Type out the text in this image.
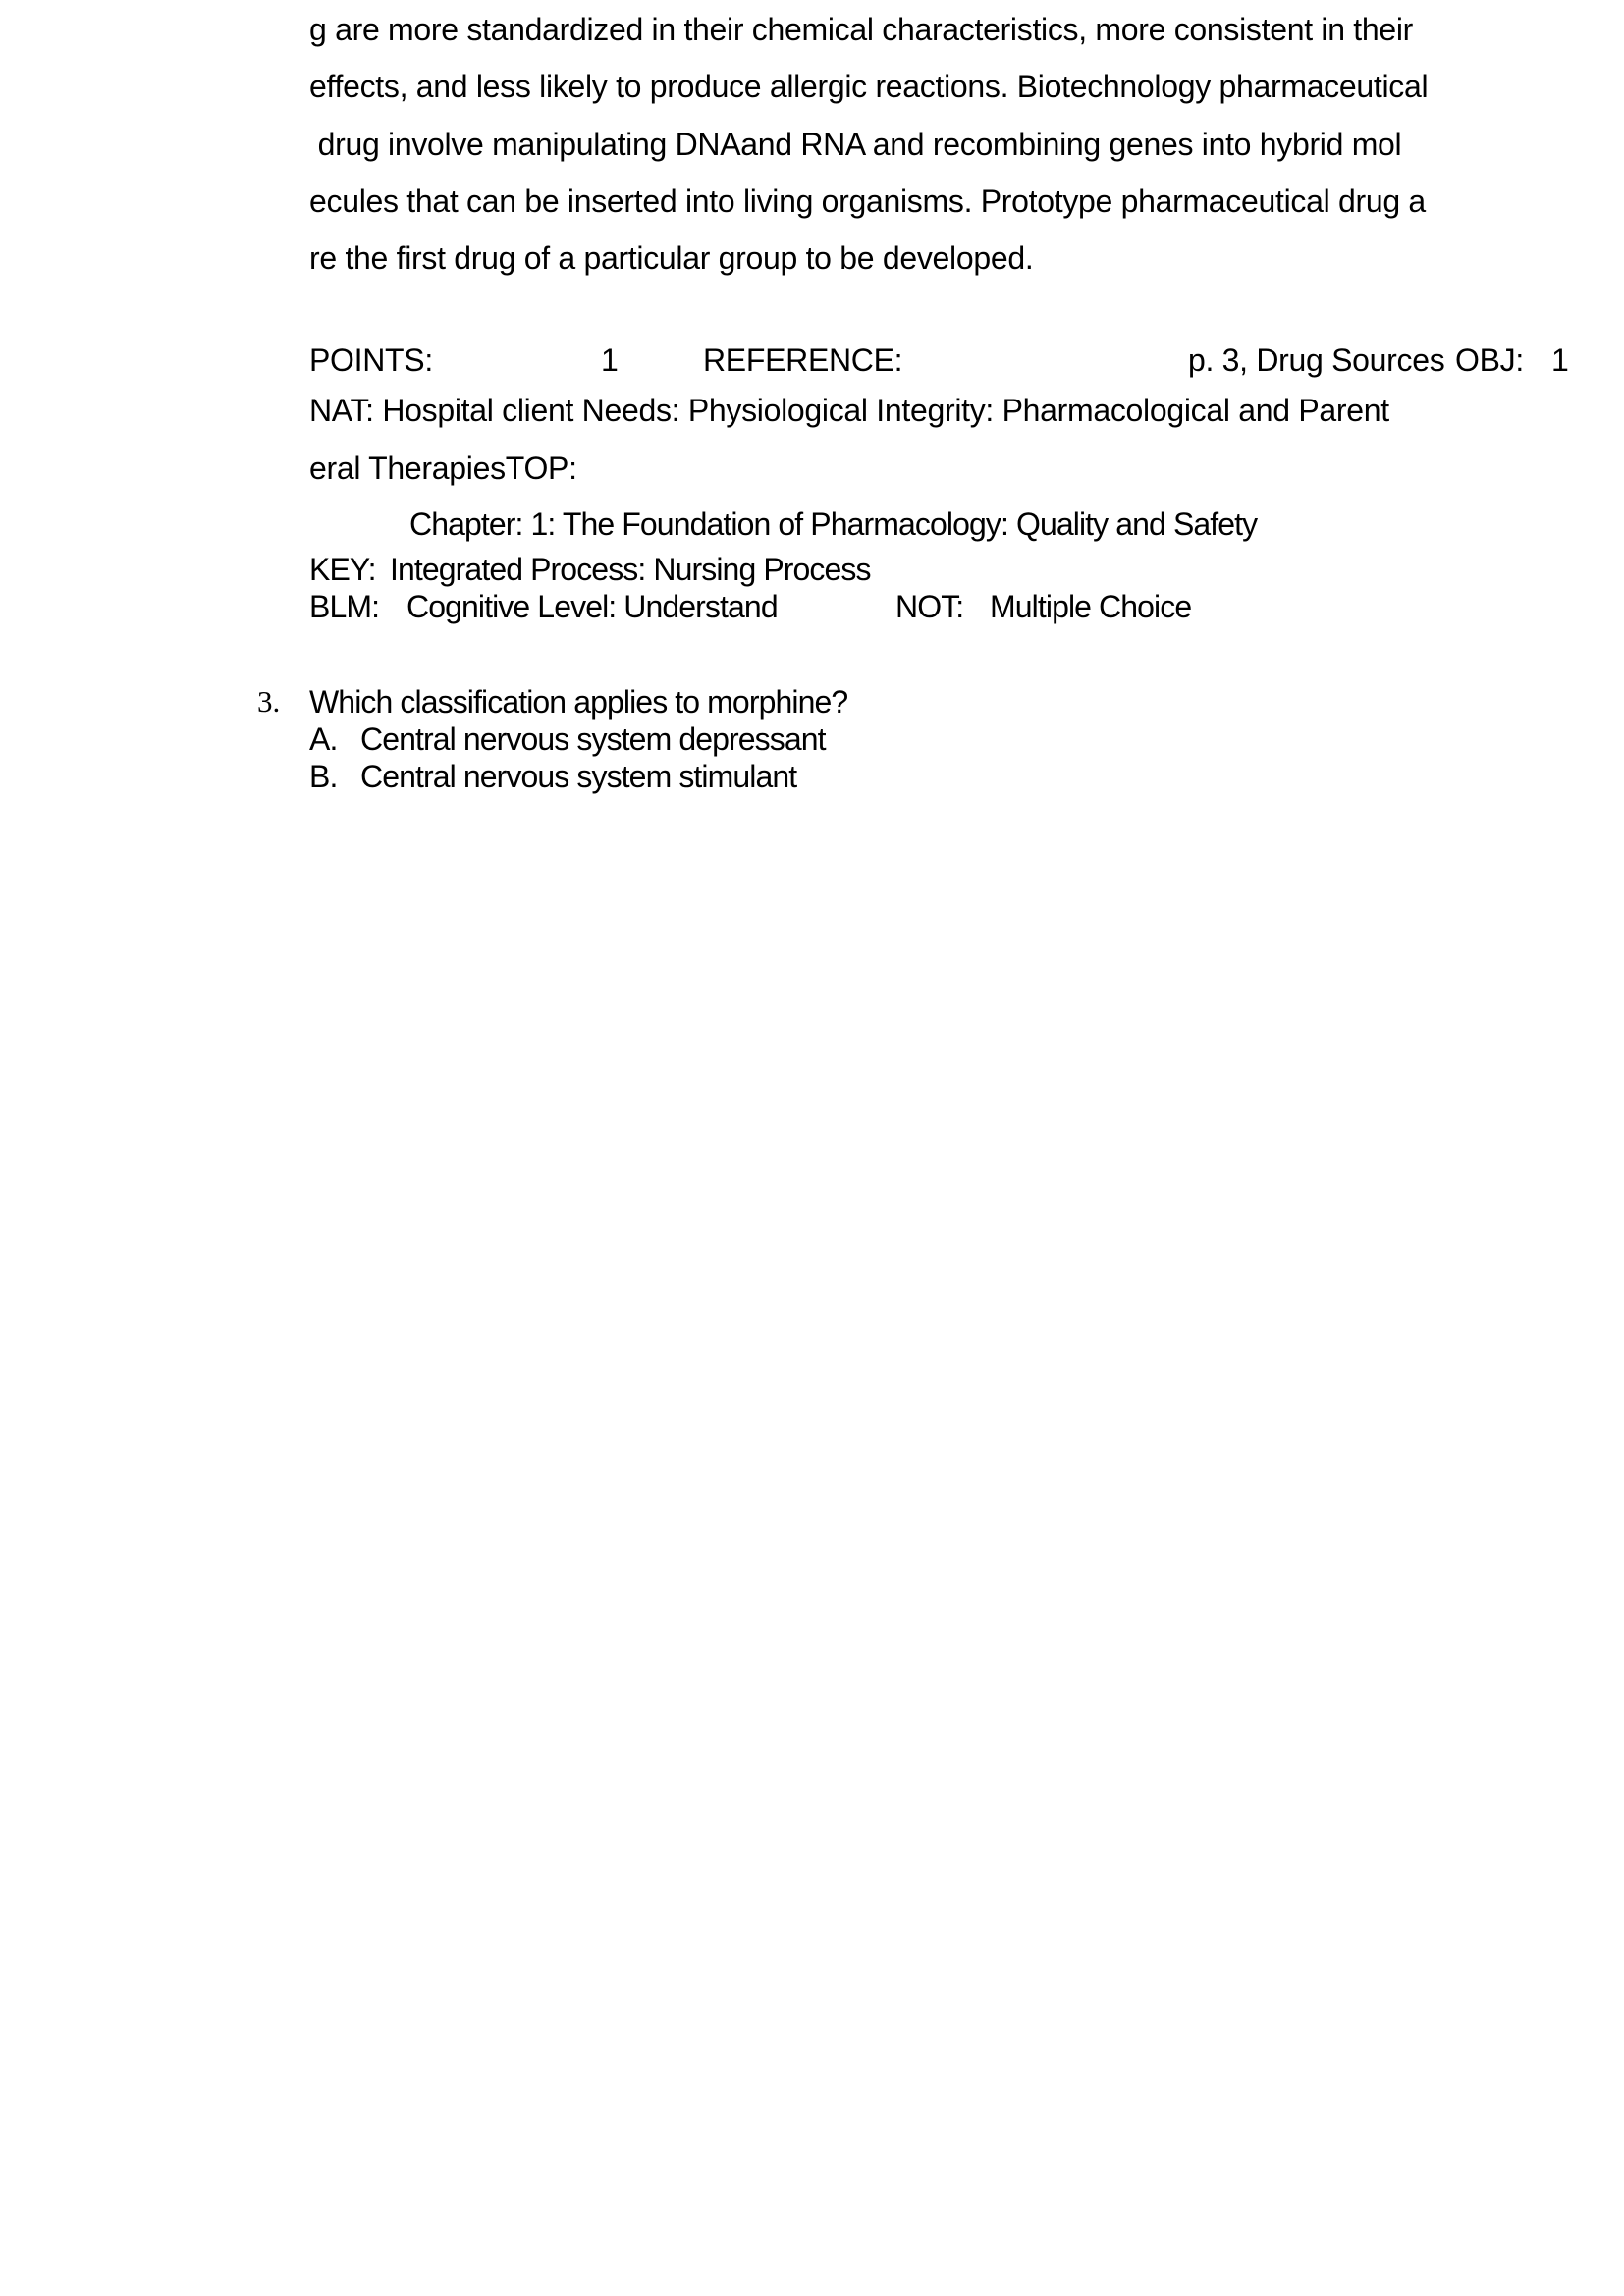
g are more standardized in their chemical characteristics, more consistent in their
effects, and less likely to produce allergic reactions. Biotechnology pharmaceutical
drug involve manipulating DNAand RNA and recombining genes into hybrid mol
ecules that can be inserted into living organisms. Prototype pharmaceutical drug a
re the first drug of a particular group to be developed.
POINTS:	1	REFERENCE:	p. 3, Drug Sources OBJ: 1
NAT: Hospital client Needs: Physiological Integrity: Pharmacological and Parent
eral TherapiesTOP:
Chapter: 1: The Foundation of Pharmacology: Quality and Safety
KEY: Integrated Process: Nursing Process
BLM: Cognitive Level: Understand	NOT: Multiple Choice
3. Which classification applies to morphine?
A. Central nervous system depressant
B. Central nervous system stimulant
